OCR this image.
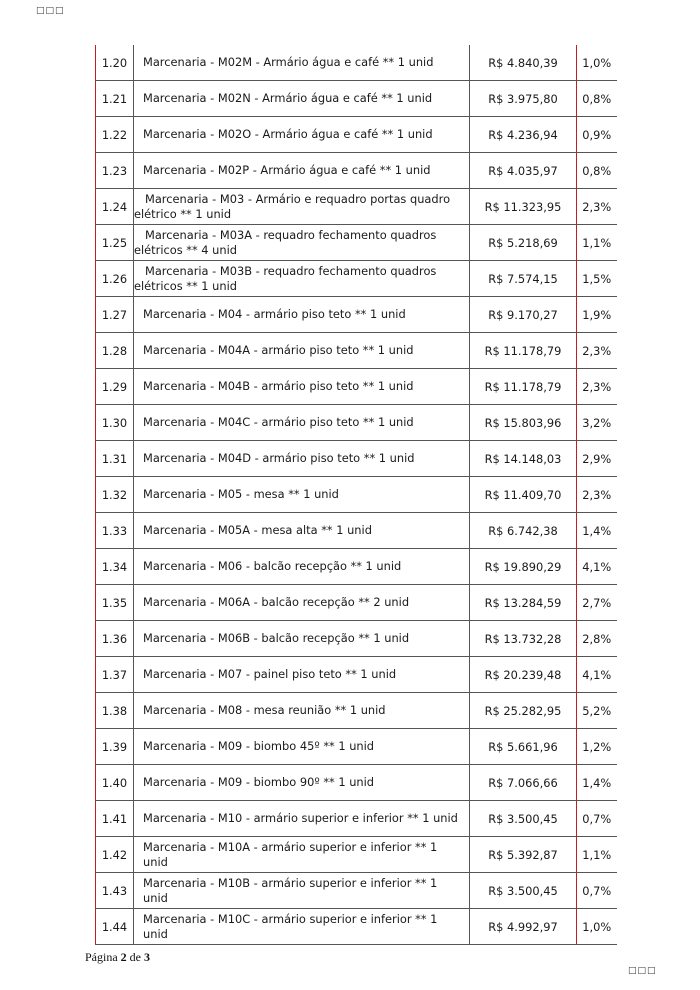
□□□
1.20	Marcenaria - M02M - Armário água e café ** 1 unid	R$ 4.840,39	1,0%
1.21	Marcenaria - M02N - Armário água e café ** 1 unid	R$ 3.975,80	0,8%
1.22	Marcenaria - M02O - Armário água e café ** 1 unid	R$ 4.236,94	0,9%
1.23	Marcenaria - M02P - Armário água e café ** 1 unid	R$ 4.035,97	0,8%
1.24	Marcenaria - M03 - Armário e requadro portas quadro elétrico ** 1 unid	R$ 11.323,95	2,3%
1.25	Marcenaria - M03A - requadro fechamento quadros elétricos ** 4 unid	R$ 5.218,69	1,1%
1.26	Marcenaria - M03B - requadro fechamento quadros elétricos ** 1 unid	R$ 7.574,15	1,5%
1.27	Marcenaria - M04 - armário piso teto ** 1 unid	R$ 9.170,27	1,9%
1.28	Marcenaria - M04A - armário piso teto ** 1 unid	R$ 11.178,79	2,3%
1.29	Marcenaria - M04B - armário piso teto ** 1 unid	R$ 11.178,79	2,3%
1.30	Marcenaria - M04C - armário piso teto ** 1 unid	R$ 15.803,96	3,2%
1.31	Marcenaria - M04D - armário piso teto ** 1 unid	R$ 14.148,03	2,9%
1.32	Marcenaria - M05 - mesa ** 1 unid	R$ 11.409,70	2,3%
1.33	Marcenaria - M05A - mesa alta ** 1 unid	R$ 6.742,38	1,4%
1.34	Marcenaria - M06 - balcão recepção ** 1 unid	R$ 19.890,29	4,1%
1.35	Marcenaria - M06A - balcão recepção ** 2 unid	R$ 13.284,59	2,7%
1.36	Marcenaria - M06B - balcão recepção ** 1 unid	R$ 13.732,28	2,8%
1.37	Marcenaria - M07 - painel piso teto ** 1 unid	R$ 20.239,48	4,1%
1.38	Marcenaria - M08 - mesa reunião ** 1 unid	R$ 25.282,95	5,2%
1.39	Marcenaria - M09 - biombo 45º ** 1 unid	R$ 5.661,96	1,2%
1.40	Marcenaria - M09 - biombo 90º ** 1 unid	R$ 7.066,66	1,4%
1.41	Marcenaria - M10 - armário superior e inferior ** 1 unid	R$ 3.500,45	0,7%
1.42	Marcenaria - M10A - armário superior e inferior ** 1 unid	R$ 5.392,87	1,1%
1.43	Marcenaria - M10B - armário superior e inferior ** 1 unid	R$ 3.500,45	0,7%
1.44	Marcenaria - M10C - armário superior e inferior ** 1 unid	R$ 4.992,97	1,0%
Página 2 de 3
□□□
